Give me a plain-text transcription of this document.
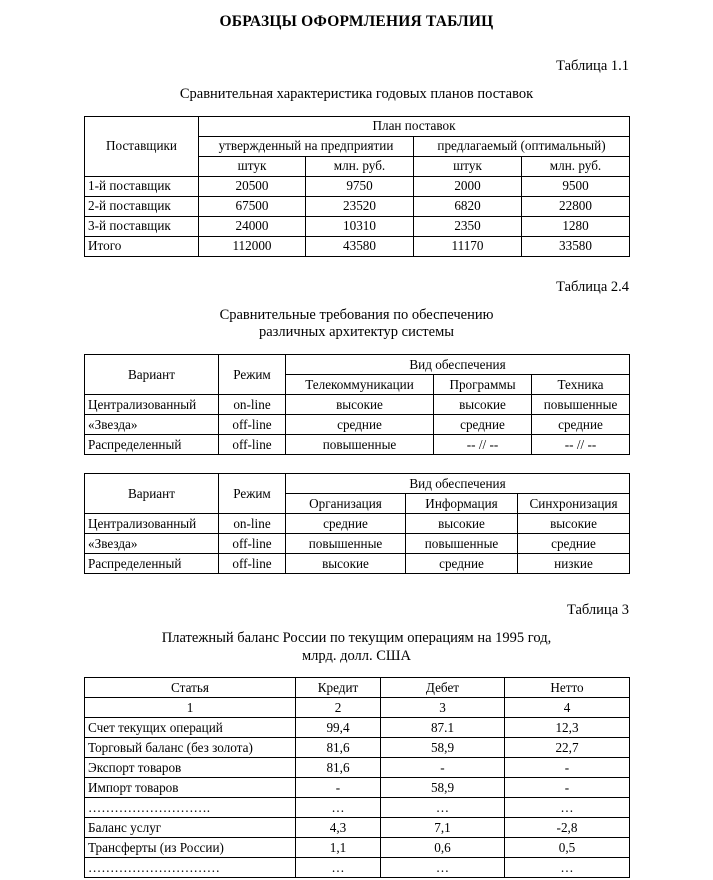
ОБРАЗЦЫ ОФОРМЛЕНИЯ ТАБЛИЦ
Таблица 1.1
Сравнительная характеристика годовых планов поставок
Поставщики	План поставок			
	утвержденный на предприятии		предлагаемый (оптимальный)	
	штук	млн. руб.	штук	млн. руб.
1-й поставщик	20500	9750	2000	9500
2-й поставщик	67500	23520	6820	22800
3-й поставщик	24000	10310	2350	1280
Итого	112000	43580	11170	33580
Таблица 2.4
Сравнительные требования по обеспечению
различных архитектур системы
Вариант	Режим	Вид обеспечения		
		Телекоммуникации	Программы	Техника
Централизованный	on-line	высокие	высокие	повышенные
«Звезда»	off-line	средние	средние	средние
Распределенный	off-line	повышенные	-- // --	-- // --
Вариант	Режим	Вид обеспечения		
		Организация	Информация	Синхронизация
Централизованный	on-line	средние	высокие	высокие
«Звезда»	off-line	повышенные	повышенные	средние
Распределенный	off-line	высокие	средние	низкие
Таблица 3
Платежный баланс России по текущим операциям на 1995 год,
млрд. долл. США
Статья	Кредит	Дебет	Нетто
1	2	3	4
Счет текущих операций	99,4	87.1	12,3
Торговый баланс (без золота)	81,6	58,9	22,7
Экспорт товаров	81,6	-	-
Импорт товаров	-	58,9	-
……………………….	…	…	…
Баланс услуг	4,3	7,1	-2,8
Трансферты (из России)	1,1	0,6	0,5
…………………………	…	…	…
